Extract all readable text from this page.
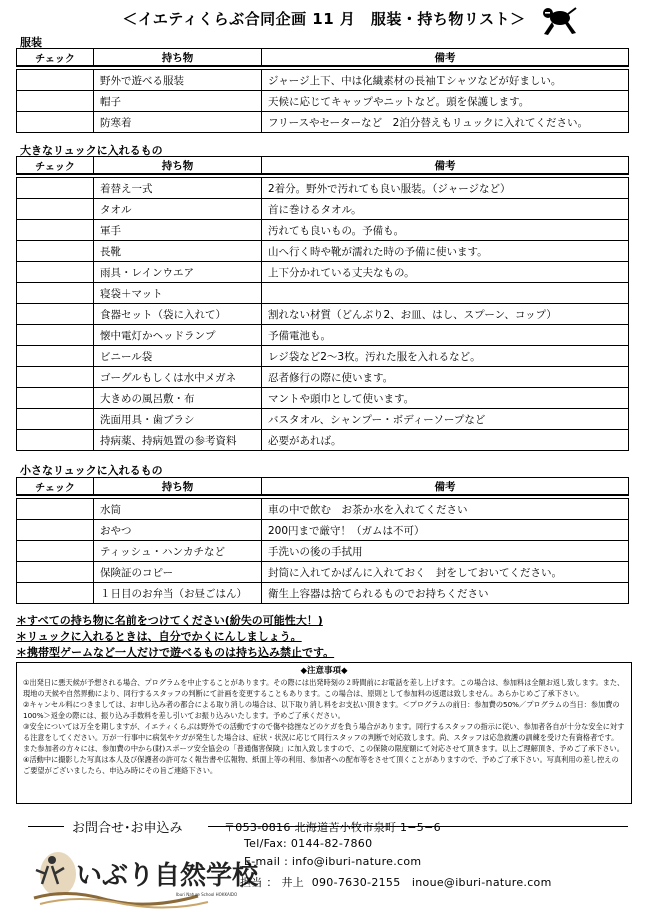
＜イエティくらぶ合同企画 11 月　服装・持ち物リスト＞
服装
チェック	持ち物	備考

	野外で遊べる服装	ジャージ上下、中は化繊素材の長袖Ｔシャツなどが好ましい。
	帽子	天候に応じてキャップやニットなど。頭を保護します。
	防寒着	フリースやセーターなど　2泊分替えもリュックに入れてください。
大きなリュックに入れるもの
チェック	持ち物	備考

	着替え一式	2着分。野外で汚れても良い服装。（ジャージなど）
	タオル	首に巻けるタオル。
	軍手	汚れても良いもの。予備も。
	長靴	山へ行く時や靴が濡れた時の予備に使います。
	雨具・レインウエア	上下分かれている丈夫なもの。
	寝袋＋マット	
	食器セット（袋に入れて）	割れない材質（どんぶり2、お皿、はし、スプーン、コップ）
	懐中電灯かヘッドランプ	予備電池も。
	ビニール袋	レジ袋など2〜3枚。汚れた服を入れるなど。
	ゴーグルもしくは水中メガネ	忍者修行の際に使います。
	大きめの風呂敷・布	マントや頭巾として使います。
	洗面用具・歯ブラシ	バスタオル、シャンプー・ボディーソープなど
	持病薬、持病処置の参考資料	必要があれば。
小さなリュックに入れるもの
チェック	持ち物	備考

	水筒	車の中で飲む　お茶か水を入れてください
	おやつ	200円まで厳守！（ガムは不可）
	ティッシュ・ハンカチなど	手洗いの後の手拭用
	保険証のコピー	封筒に入れてかばんに入れておく　封をしておいてください。
	１日目のお弁当（お昼ごはん）	衛生上容器は捨てられるものでお持ちください
＊すべての持ち物に名前をつけてください(紛失の可能性大！)
＊リュックに入れるときは、自分でかくにんしましょう。
＊携帯型ゲームなど一人だけで遊べるものは持ち込み禁止です。
◆注意事項◆

①出発日に悪天候が予想される場合、プログラムを中止することがあります。その際には出発時刻の２時間前にお電話を差し上げます。この場合は、参加料は全額お返し致します。また、現地の天候や自然界動により、同行するスタッフの判断にて計画を変更することもあります。この場合は、原則として参加料の返還は致しません。あらかじめご了承下さい。

②キャンセル料につきましては、お申し込み者の都合による取り消しの場合は、以下取り消し料をお支払い頂きます。＜プログラムの前日：参加費の50%／プログラムの当日：参加費の100%＞返金の際には、振り込み手数料を差し引いてお振り込みいたします。予めご了承ください。

③安全については万全を期しますが、イエティくらぶは野外での活動ですので傷や捻挫などのケガを負う場合があります。同行するスタッフの指示に従い、参加者各自が十分な安全に対する注意をしてください。万が一行事中に病気やケガが発生した場合は、症状・状況に応じて同行スタッフの判断で対応致します。尚、スタッフは応急救護の訓練を受けた有資格者です。また参加者の方々には、参加費の中から(財)スポーツ安全協会の「普通傷害保険」に加入致しますので、この保険の限度額にて対応させて頂きます。以上ご理解頂き、予めご了承下さい。

④活動中に撮影した写真は本人及び保護者の許可なく報告書や広報物、紙面上等の利用、参加者への配布等をさせて頂くことがありますので、予めご了承下さい。写真利用の差し控えのご要望がございましたら、申込み時にその旨ご連絡下さい。

お問合せ･お申込み
いぶり自然学校
Iburi Nature School HOKKAIDO
〒053-0816 北海道苫小牧市泉町 1−5−6
Tel/Fax: 0144-82-7860
E-mail : info@iburi-nature.com
担当 ： 井上 090-7630-2155 inoue@iburi-nature.com
